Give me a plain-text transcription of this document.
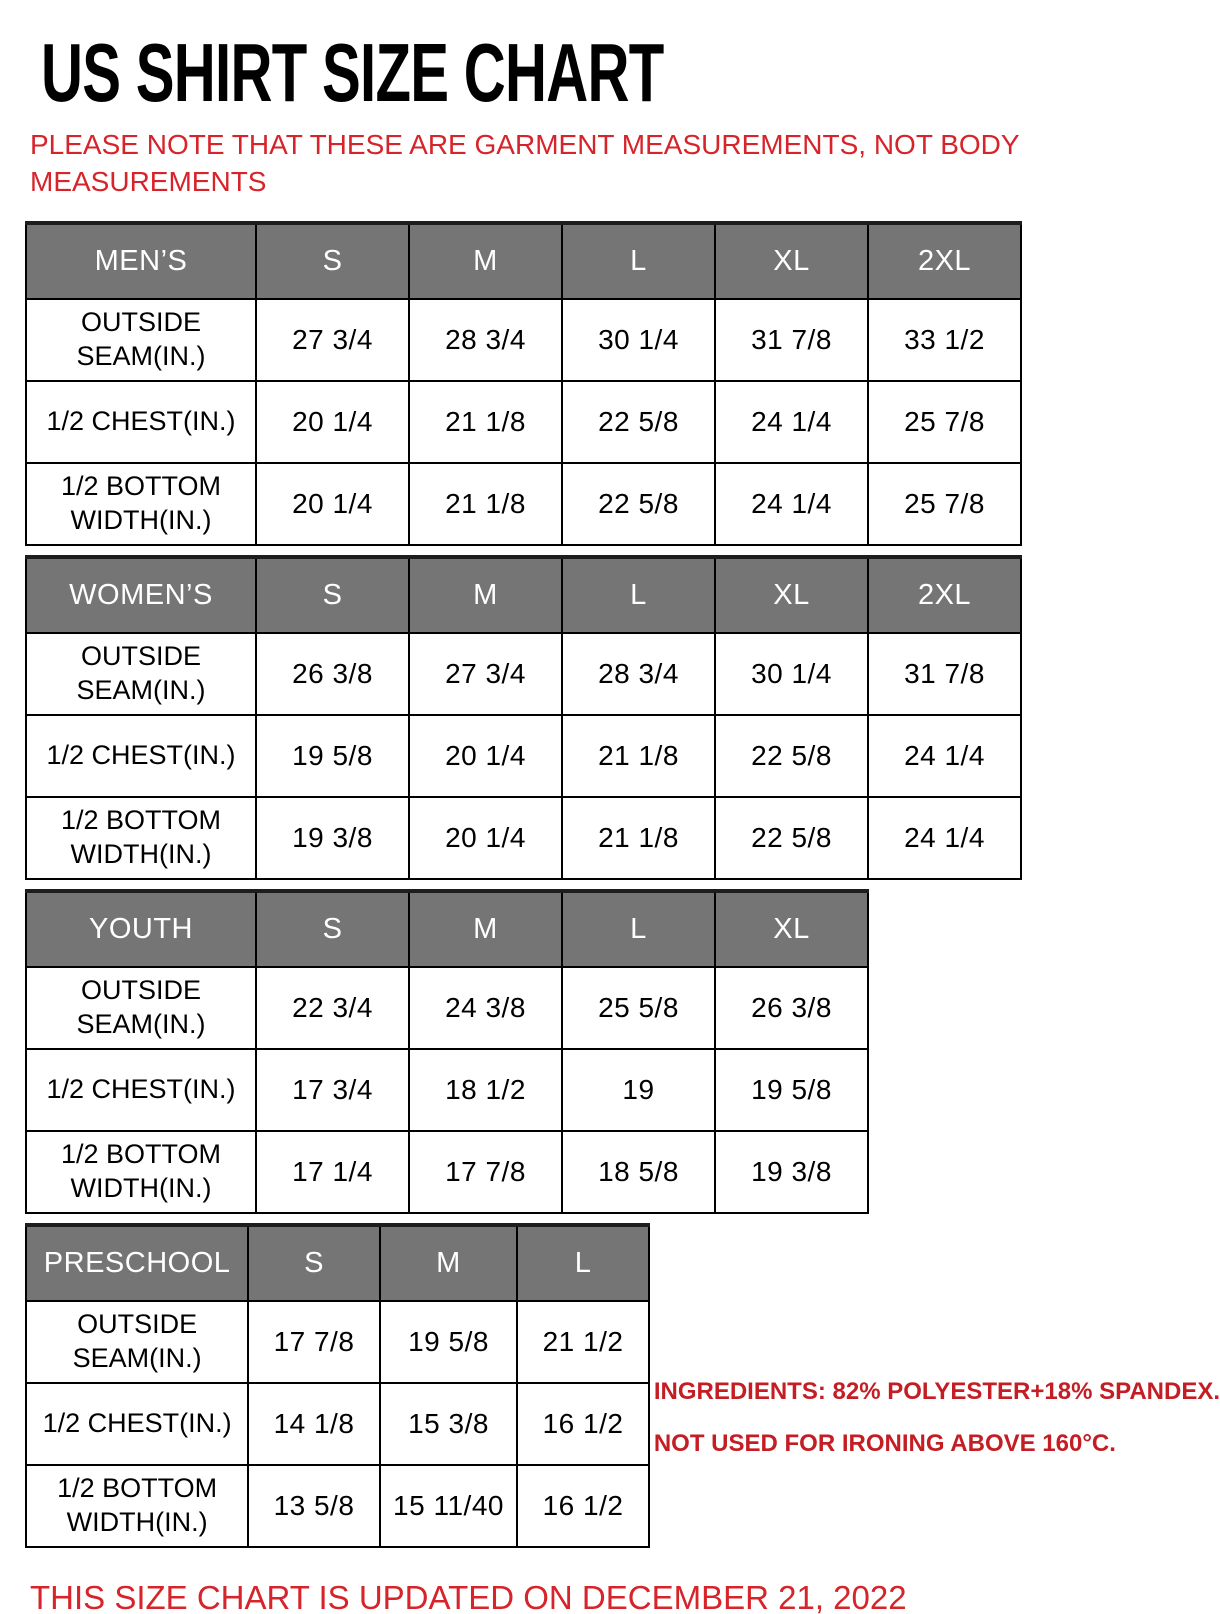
US SHIRT SIZE CHART
PLEASE NOTE THAT THESE ARE GARMENT MEASUREMENTS, NOT BODY MEASUREMENTS
MEN’S	S	M	L	XL	2XL
OUTSIDE SEAM(IN.)	27 3/4	28 3/4	30 1/4	31 7/8	33 1/2
1/2 CHEST(IN.)	20 1/4	21 1/8	22 5/8	24 1/4	25 7/8
1/2 BOTTOM WIDTH(IN.)	20 1/4	21 1/8	22 5/8	24 1/4	25 7/8
WOMEN’S	S	M	L	XL	2XL
OUTSIDE SEAM(IN.)	26 3/8	27 3/4	28 3/4	30 1/4	31 7/8
1/2 CHEST(IN.)	19 5/8	20 1/4	21 1/8	22 5/8	24 1/4
1/2 BOTTOM WIDTH(IN.)	19 3/8	20 1/4	21 1/8	22 5/8	24 1/4
YOUTH	S	M	L	XL
OUTSIDE SEAM(IN.)	22 3/4	24 3/8	25 5/8	26 3/8
1/2 CHEST(IN.)	17 3/4	18 1/2	19	19 5/8
1/2 BOTTOM WIDTH(IN.)	17 1/4	17 7/8	18 5/8	19 3/8
PRESCHOOL	S	M	L
OUTSIDE SEAM(IN.)	17 7/8	19 5/8	21 1/2
1/2 CHEST(IN.)	14 1/8	15 3/8	16 1/2
1/2 BOTTOM WIDTH(IN.)	13 5/8	15 11/40	16 1/2
INGREDIENTS: 82% POLYESTER+18% SPANDEX.
NOT USED FOR IRONING ABOVE 160°C.
THIS SIZE CHART IS UPDATED ON DECEMBER 21, 2022
